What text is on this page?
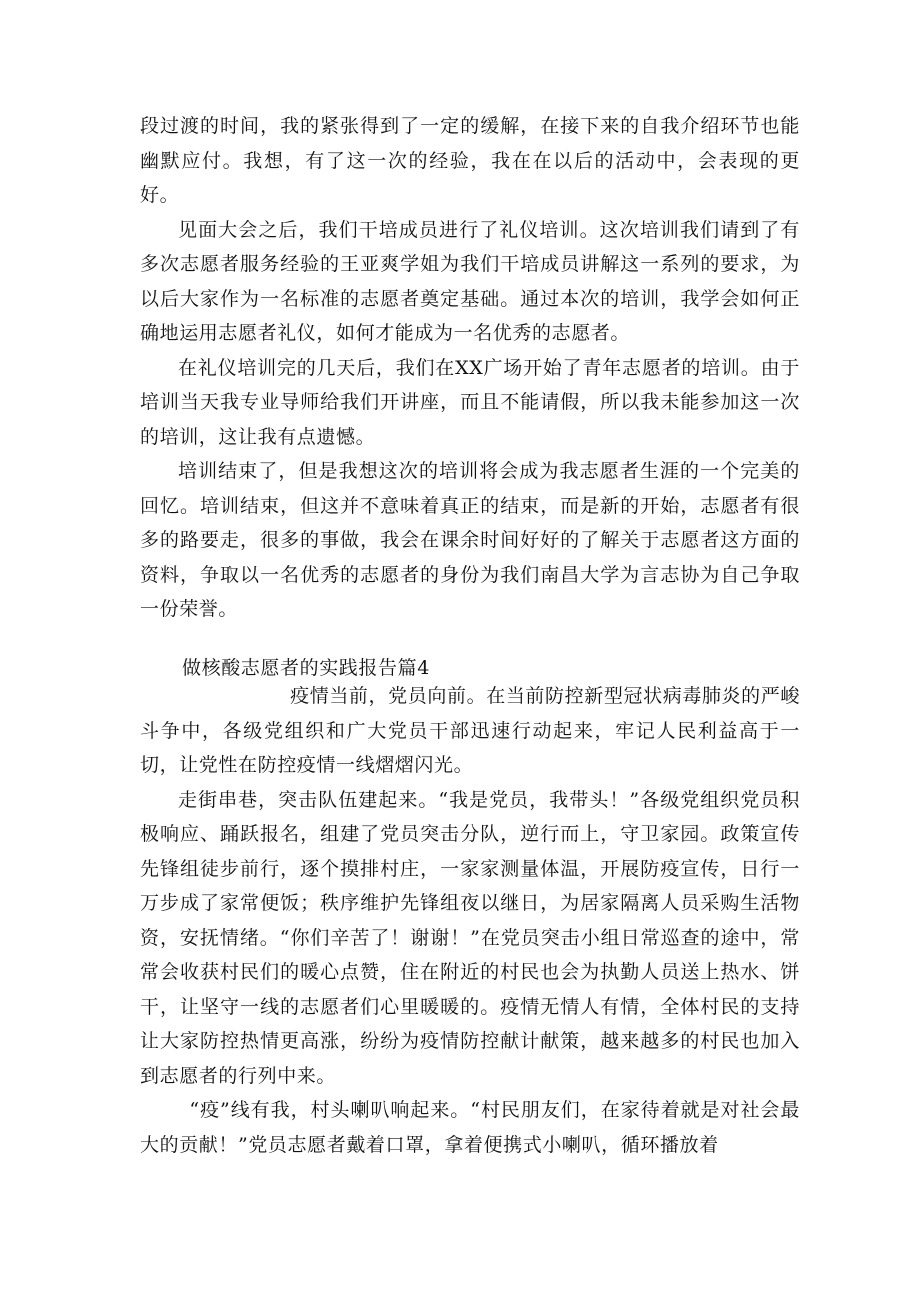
段过渡的时间，我的紧张得到了一定的缓解，在接下来的自我介绍环节也能幽默应付。我想，有了这一次的经验，我在在以后的活动中，会表现的更好。

见面大会之后，我们干培成员进行了礼仪培训。这次培训我们请到了有多次志愿者服务经验的王亚爽学姐为我们干培成员讲解这一系列的要求，为以后大家作为一名标准的志愿者奠定基础。通过本次的培训，我学会如何正确地运用志愿者礼仪，如何才能成为一名优秀的志愿者。

在礼仪培训完的几天后，我们在XX广场开始了青年志愿者的培训。由于培训当天我专业导师给我们开讲座，而且不能请假，所以我未能参加这一次的培训，这让我有点遗憾。

培训结束了，但是我想这次的培训将会成为我志愿者生涯的一个完美的回忆。培训结束，但这并不意味着真正的结束，而是新的开始，志愿者有很多的路要走，很多的事做，我会在课余时间好好的了解关于志愿者这方面的资料，争取以一名优秀的志愿者的身份为我们南昌大学为言志协为自己争取一份荣誉。

做核酸志愿者的实践报告篇4

疫情当前，党员向前。在当前防控新型冠状病毒肺炎的严峻斗争中，各级党组织和广大党员干部迅速行动起来，牢记人民利益高于一切，让党性在防控疫情一线熠熠闪光。

走街串巷，突击队伍建起来。“我是党员，我带头！”各级党组织党员积极响应、踊跃报名，组建了党员突击分队，逆行而上，守卫家园。政策宣传先锋组徒步前行，逐个摸排村庄，一家家测量体温，开展防疫宣传，日行一万步成了家常便饭；秩序维护先锋组夜以继日，为居家隔离人员采购生活物资，安抚情绪。“你们辛苦了！谢谢！”在党员突击小组日常巡查的途中，常常会收获村民们的暖心点赞，住在附近的村民也会为执勤人员送上热水、饼干，让坚守一线的志愿者们心里暖暖的。疫情无情人有情，全体村民的支持让大家防控热情更高涨，纷纷为疫情防控献计献策，越来越多的村民也加入到志愿者的行列中来。

“疫”线有我，村头喇叭响起来。“村民朋友们，在家待着就是对社会最大的贡献！”党员志愿者戴着口罩，拿着便携式小喇叭，循环播放着
